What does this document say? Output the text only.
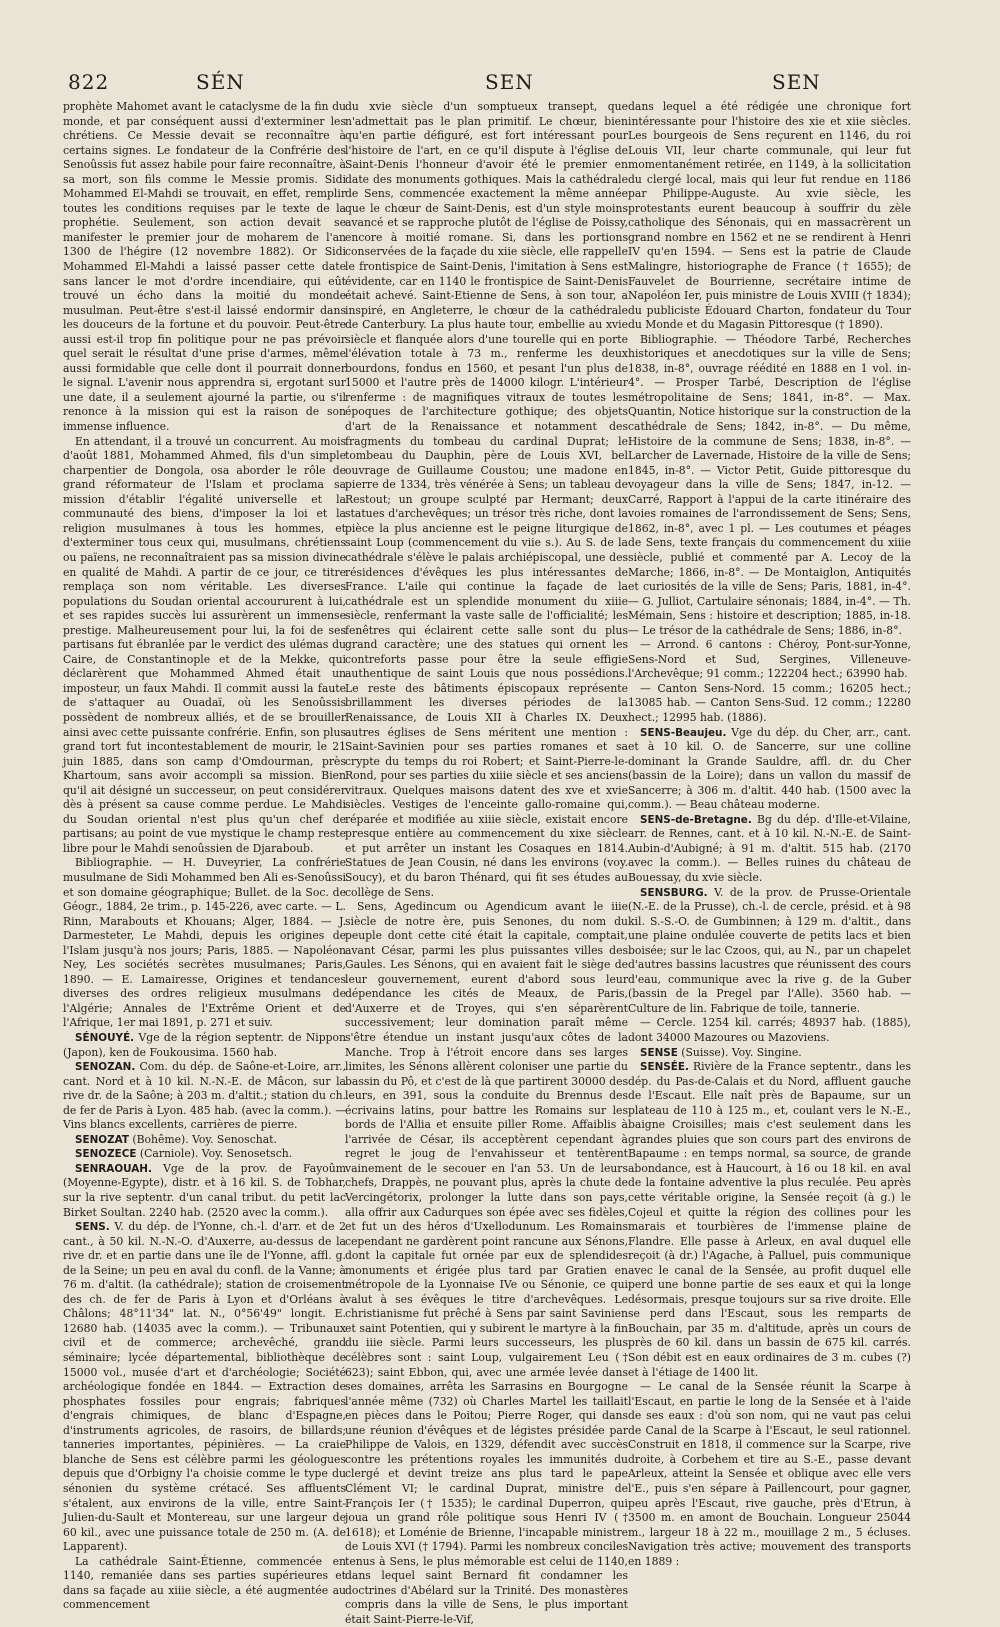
822	SÉN	SEN	SEN

prophète Mahomet avant le cataclysme de la fin du monde, et par conséquent aussi d'exterminer les chrétiens. Ce Messie devait se reconnaître à certains signes. Le fondateur de la Confrérie des Senoûssis fut assez habile pour faire reconnaître, à sa mort, son fils comme le Messie promis. Sidi Mohammed El-Mahdi se trouvait, en effet, remplir toutes les conditions requises par le texte de la prophétie. Seulement, son action devait se manifester le premier jour de moharem de l'an 1300 de l'hégire (12 novembre 1882). Or Sidi Mohammed El-Mahdi a laissé passer cette date sans lancer le mot d'ordre incendiaire, qui eût trouvé un écho dans la moitié du monde musulman. Peut-être s'est-il laissé endormir dans les douceurs de la fortune et du pouvoir. Peut-être aussi est-il trop fin politique pour ne pas prévoir quel serait le résultat d'une prise d'armes, même aussi formidable que celle dont il pourrait donner le signal. L'avenir nous apprendra si, ergotant sur une date, il a seulement ajourné la partie, ou s'il renonce à la mission qui est la raison de son immense influence.

En attendant, il a trouvé un concurrent. Au mois d'août 1881, Mohammed Ahmed, fils d'un simple charpentier de Dongola, osa aborder le rôle de grand réformateur de l'Islam et proclama sa mission d'établir l'égalité universelle et la communauté des biens, d'imposer la loi et la religion musulmanes à tous les hommes, et d'exterminer tous ceux qui, musulmans, chrétiens ou païens, ne reconnaîtraient pas sa mission divine en qualité de Mahdi. A partir de ce jour, ce titre remplaça son nom véritable. Les diverses populations du Soudan oriental accoururent à lui, et ses rapides succès lui assurèrent un immense prestige. Malheureusement pour lui, la foi de ses partisans fut ébranlée par le verdict des ulémas du Caire, de Constantinople et de la Mekke, qui déclarèrent que Mohammed Ahmed était un imposteur, un faux Mahdi. Il commit aussi la faute de s'attaquer au Ouadaï, où les Senoûssis possèdent de nombreux alliés, et de se brouiller ainsi avec cette puissante confrérie. Enfin, son plus grand tort fut incontestablement de mourir, le 21 juin 1885, dans son camp d'Omdourman, près Khartoum, sans avoir accompli sa mission. Bien qu'il ait désigné un successeur, on peut considérer dès à présent sa cause comme perdue. Le Mahdi du Soudan oriental n'est plus qu'un chef de partisans; au point de vue mystique le champ reste libre pour le Mahdi senoûssien de Djaraboub.

Bibliographie. — H. Duveyrier, La confrérie musulmane de Sidi Mohammed ben Ali es-Senoûssi et son domaine géographique; Bullet. de la Soc. de Géogr., 1884, 2e trim., p. 145-226, avec carte. — L. Rinn, Marabouts et Khouans; Alger, 1884. — J. Darmesteter, Le Mahdi, depuis les origines de l'Islam jusqu'à nos jours; Paris, 1885. — Napoléon Ney, Les sociétés secrètes musulmanes; Paris, 1890. — E. Lamairesse, Origines et tendances diverses des ordres religieux musulmans de l'Algérie; Annales de l'Extrême Orient et de l'Afrique, 1er mai 1891, p. 271 et suiv.

SÉNOUYÉ. Vge de la région septentr. de Nippon (Japon), ken de Foukousima. 1560 hab.

SENOZAN. Com. du dép. de Saône-et-Loire, arr., cant. Nord et à 10 kil. N.-N.-E. de Mâcon, sur la rive dr. de la Saône; à 203 m. d'altit.; station du ch. de fer de Paris à Lyon. 485 hab. (avec la comm.). — Vins blancs excellents, carrières de pierre.

SENOZAT (Bohême). Voy. Senoschat.

SENOZECE (Carniole). Voy. Senosetsch.

SENRAOUAH. Vge de la prov. de Fayoûm (Moyenne-Egypte), distr. et à 16 kil. S. de Tobhar, sur la rive septentr. d'un canal tribut. du petit lac Birket Soultan. 2240 hab. (2520 avec la comm.).

SENS. V. du dép. de l'Yonne, ch.-l. d'arr. et de 2 cant., à 50 kil. N.-N.-O. d'Auxerre, au-dessus de la rive dr. et en partie dans une île de l'Yonne, affl. g. de la Seine; un peu en aval du confl. de la Vanne; à 76 m. d'altit. (la cathédrale); station de croisement des ch. de fer de Paris à Lyon et d'Orléans à Châlons; 48°11'34" lat. N., 0°56'49" longit. E. 12680 hab. (14035 avec la comm.). — Tribunaux civil et de commerce; archevêché, grand séminaire; lycée départemental, bibliothèque de 15000 vol., musée d'art et d'archéologie; Société archéologique fondée en 1844. — Extraction de phosphates fossiles pour engrais; fabriques d'engrais chimiques, de blanc d'Espagne, d'instruments agricoles, de rasoirs, de billards; tanneries importantes, pépinières. — La craie blanche de Sens est célèbre parmi les géologues depuis que d'Orbigny l'a choisie comme le type du sénonien du système crétacé. Ses affluents s'étalent, aux environs de la ville, entre Saint-Julien-du-Sault et Montereau, sur une largeur de 60 kil., avec une puissance totale de 250 m. (A. de Lapparent).

La cathédrale Saint-Étienne, commencée en 1140, remaniée dans ses parties supérieures et dans sa façade au xiiie siècle, a été augmentée au commencement

du xvie siècle d'un somptueux transept, que n'admettait pas le plan primitif. Le chœur, bien qu'en partie défiguré, est fort intéressant pour l'histoire de l'art, en ce qu'il dispute à l'église de Saint-Denis l'honneur d'avoir été le premier en date des monuments gothiques. Mais la cathédrale de Sens, commencée exactement la même année que le chœur de Saint-Denis, est d'un style moins avancé et se rapproche plutôt de l'église de Poissy, encore à moitié romane. Si, dans les portions conservées de la façade du xiie siècle, elle rappelle le frontispice de Saint-Denis, l'imitation à Sens est évidente, car en 1140 le frontispice de Saint-Denis était achevé. Saint-Etienne de Sens, à son tour, a inspiré, en Angleterre, le chœur de la cathédrale de Canterbury. La plus haute tour, embellie au xvie siècle et flanquée alors d'une tourelle qui en porte l'élévation totale à 73 m., renferme les deux bourdons, fondus en 1560, et pesant l'un plus de 15000 et l'autre près de 14000 kilogr. L'intérieur renferme : de magnifiques vitraux de toutes les époques de l'architecture gothique; des objets d'art de la Renaissance et notamment des fragments du tombeau du cardinal Duprat; le tombeau du Dauphin, père de Louis XVI, bel ouvrage de Guillaume Coustou; une madone en pierre de 1334, très vénérée à Sens; un tableau de Restout; un groupe sculpté par Hermant; deux statues d'archevêques; un trésor très riche, dont la pièce la plus ancienne est le peigne liturgique de saint Loup (commencement du viie s.). Au S. de la cathédrale s'élève le palais archiépiscopal, une des résidences d'évêques les plus intéressantes de France. L'aile qui continue la façade de la cathédrale est un splendide monument du xiiie siècle, renfermant la vaste salle de l'officialité; les fenêtres qui éclairent cette salle sont du plus grand caractère; une des statues qui ornent les contreforts passe pour être la seule effigie authentique de saint Louis que nous possédions. Le reste des bâtiments épiscopaux représente brillamment les diverses périodes de la Renaissance, de Louis XII à Charles IX. Deux autres églises de Sens méritent une mention : Saint-Savinien pour ses parties romanes et sa crypte du temps du roi Robert; et Saint-Pierre-le-Rond, pour ses parties du xiiie siècle et ses anciens vitraux. Quelques maisons datent des xve et xvie siècles. Vestiges de l'enceinte gallo-romaine qui, réparée et modifiée au xiiie siècle, existait encore presque entière au commencement du xixe siècle et put arrêter un instant les Cosaques en 1814. Statues de Jean Cousin, né dans les environs (voy. Soucy), et du baron Thénard, qui fit ses études au collège de Sens.

Sens, Agedincum ou Agendicum avant le iiie siècle de notre ère, puis Senones, du nom du peuple dont cette cité était la capitale, comptait, avant César, parmi les plus puissantes villes des Gaules. Les Sénons, qui en avaient fait le siège de leur gouvernement, eurent d'abord sous leur dépendance les cités de Meaux, de Paris, d'Auxerre et de Troyes, qui s'en séparèrent successivement; leur domination paraît même s'être étendue un instant jusqu'aux côtes de la Manche. Trop à l'étroit encore dans ses larges limites, les Sénons allèrent coloniser une partie du bassin du Pô, et c'est de là que partirent 30000 des leurs, en 391, sous la conduite du Brennus des écrivains latins, pour battre les Romains sur les bords de l'Allia et ensuite piller Rome. Affaiblis à l'arrivée de César, ils acceptèrent cependant à regret le joug de l'envahisseur et tentèrent vainement de le secouer en l'an 53. Un de leurs chefs, Drappès, ne pouvant plus, après la chute de Vercingétorix, prolonger la lutte dans son pays, alla offrir aux Cadurques son épée avec ses fidèles, et fut un des héros d'Uxellodunum. Les Romains cependant ne gardèrent point rancune aux Sénons, dont la capitale fut ornée par eux de splendides monuments et érigée plus tard par Gratien en métropole de la Lyonnaise IVe ou Sénonie, ce qui valut à ses évêques le titre d'archevêques. Le christianisme fut prêché à Sens par saint Savinien et saint Potentien, qui y subirent le martyre à la fin du iiie siècle. Parmi leurs successeurs, les plus célèbres sont : saint Loup, vulgairement Leu († 623); saint Ebbon, qui, avec une armée levée dans ses domaines, arrêta les Sarrasins en Bourgogne l'année même (732) où Charles Martel les taillait en pièces dans le Poitou; Pierre Roger, qui dans une réunion d'évêques et de légistes présidée par Philippe de Valois, en 1329, défendit avec succès contre les prétentions royales les immunités du clergé et devint treize ans plus tard le pape Clément VI; le cardinal Duprat, ministre de François Ier († 1535); le cardinal Duperron, qui joua un grand rôle politique sous Henri IV († 1618); et Loménie de Brienne, l'incapable ministre de Louis XVI († 1794). Parmi les nombreux conciles tenus à Sens, le plus mémorable est celui de 1140, dans lequel saint Bernard fit condamner les doctrines d'Abélard sur la Trinité. Des monastères compris dans la ville de Sens, le plus important était Saint-Pierre-le-Vif,

dans lequel a été rédigée une chronique fort intéressante pour l'histoire des xie et xiie siècles. Les bourgeois de Sens reçurent en 1146, du roi Louis VII, leur charte communale, qui leur fut momentanément retirée, en 1149, à la sollicitation du clergé local, mais qui leur fut rendue en 1186 par Philippe-Auguste. Au xvie siècle, les protestants eurent beaucoup à souffrir du zèle catholique des Sénonais, qui en massacrèrent un grand nombre en 1562 et ne se rendirent à Henri IV qu'en 1594. — Sens est la patrie de Claude Malingre, historiographe de France († 1655); de Fauvelet de Bourrienne, secrétaire intime de Napoléon Ier, puis ministre de Louis XVIII († 1834); du publiciste Édouard Charton, fondateur du Tour du Monde et du Magasin Pittoresque († 1890).

Bibliographie. — Théodore Tarbé, Recherches historiques et anecdotiques sur la ville de Sens; 1838, in-8°, ouvrage réédité en 1888 en 1 vol. in-4°. — Prosper Tarbé, Description de l'église métropolitaine de Sens; 1841, in-8°. — Max. Quantin, Notice historique sur la construction de la cathédrale de Sens; 1842, in-8°. — Du même, Histoire de la commune de Sens; 1838, in-8°. — Larcher de Lavernade, Histoire de la ville de Sens; 1845, in-8°. — Victor Petit, Guide pittoresque du voyageur dans la ville de Sens; 1847, in-12. — Carré, Rapport à l'appui de la carte itinéraire des voies romaines de l'arrondissement de Sens; Sens, 1862, in-8°, avec 1 pl. — Les coutumes et péages de Sens, texte français du commencement du xiiie siècle, publié et commenté par A. Lecoy de la Marche; 1866, in-8°. — De Montaiglon, Antiquités et curiosités de la ville de Sens; Paris, 1881, in-4°. — G. Julliot, Cartulaire sénonais; 1884, in-4°. — Th. Mémain, Sens : histoire et description; 1885, in-18. — Le trésor de la cathédrale de Sens; 1886, in-8°.

— Arrond. 6 cantons : Chéroy, Pont-sur-Yonne, Sens-Nord et Sud, Sergines, Villeneuve-l'Archevêque; 91 comm.; 122204 hect.; 63990 hab.

— Canton Sens-Nord. 15 comm.; 16205 hect.; 13085 hab. — Canton Sens-Sud. 12 comm.; 12280 hect.; 12995 hab. (1886).

SENS-Beaujeu. Vge du dép. du Cher, arr., cant. et à 10 kil. O. de Sancerre, sur une colline dominant la Grande Sauldre, affl. dr. du Cher (bassin de la Loire); dans un vallon du massif de Sancerre; à 306 m. d'altit. 440 hab. (1500 avec la comm.). — Beau château moderne.

SENS-de-Bretagne. Bg du dép. d'Ille-et-Vilaine, arr. de Rennes, cant. et à 10 kil. N.-N.-E. de Saint-Aubin-d'Aubigné; à 91 m. d'altit. 515 hab. (2170 avec la comm.). — Belles ruines du château de Bouessay, du xvie siècle.

SENSBURG. V. de la prov. de Prusse-Orientale (N.-E. de la Prusse), ch.-l. de cercle, présid. et à 98 kil. S.-S.-O. de Gumbinnen; à 129 m. d'altit., dans une plaine ondulée couverte de petits lacs et bien boisée; sur le lac Czoos, qui, au N., par un chapelet d'autres bassins lacustres que réunissent des cours d'eau, communique avec la rive g. de la Guber (bassin de la Pregel par l'Alle). 3560 hab. — Culture de lin. Fabrique de toile, tannerie.

— Cercle. 1254 kil. carrés; 48937 hab. (1885), dont 34000 Mazoures ou Mazoviens.

SENSE (Suisse). Voy. Singine.

SENSÉE. Rivière de la France septentr., dans les dép. du Pas-de-Calais et du Nord, affluent gauche de l'Escaut. Elle naît près de Bapaume, sur un plateau de 110 à 125 m., et, coulant vers le N.-E., baigne Croisilles; mais c'est seulement dans les grandes pluies que son cours part des environs de Bapaume : en temps normal, sa source, de grande abondance, est à Haucourt, à 16 ou 18 kil. en aval de la fontaine adventive la plus reculée. Peu après cette véritable origine, la Sensée reçoit (à g.) le Cojeul et quitte la région des collines pour les marais et tourbières de l'immense plaine de Flandre. Elle passe à Arleux, en aval duquel elle reçoit (à dr.) l'Agache, à Palluel, puis communique avec le canal de la Sensée, au profit duquel elle perd une bonne partie de ses eaux et qui la longe désormais, presque toujours sur sa rive droite. Elle se perd dans l'Escaut, sous les remparts de Bouchain, par 35 m. d'altitude, après un cours de près de 60 kil. dans un bassin de 675 kil. carrés. Son débit est en eaux ordinaires de 3 m. cubes (?) et à l'étiage de 1400 lit.

— Le canal de la Sensée réunit la Scarpe à l'Escaut, en partie le long de la Sensée et à l'aide de ses eaux : d'où son nom, qui ne vaut pas celui de Canal de la Scarpe à l'Escaut, le seul rationnel. Construit en 1818, il commence sur la Scarpe, rive droite, à Corbehem et tire au S.-E., passe devant Arleux, atteint la Sensée et oblique avec elle vers l'E., puis s'en sépare à Paillencourt, pour gagner, peu après l'Escaut, rive gauche, près d'Etrun, à 3500 m. en amont de Bouchain. Longueur 25044 m., largeur 18 à 22 m., mouillage 2 m., 5 écluses. Navigation très active; mouvement des transports en 1889 :
